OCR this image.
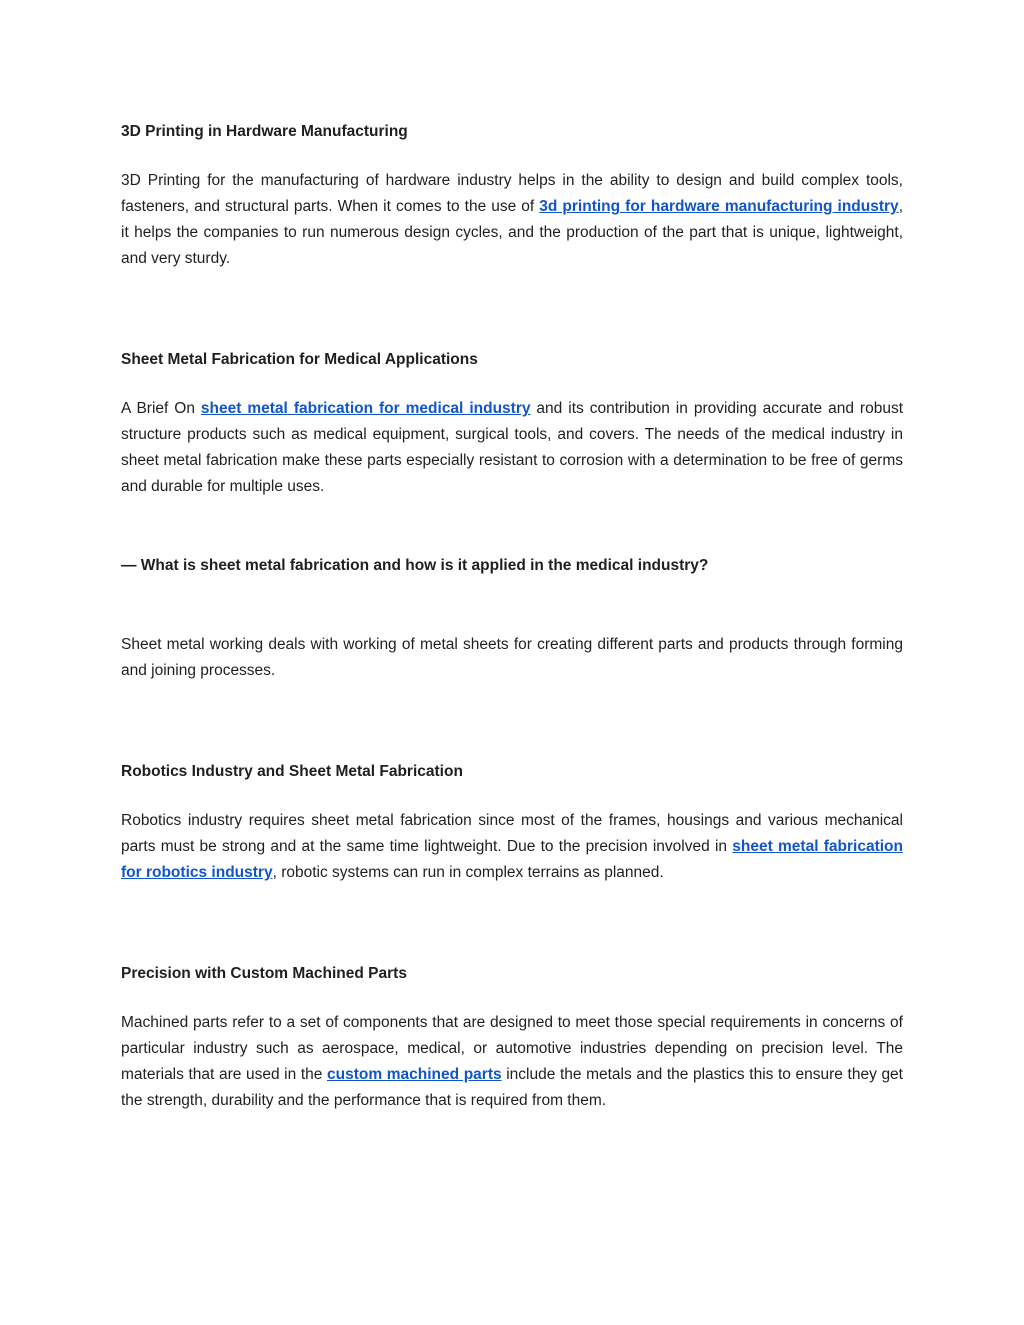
3D Printing in Hardware Manufacturing

3D Printing for the manufacturing of hardware industry helps in the ability to design and build complex tools, fasteners, and structural parts. When it comes to the use of 3d printing for hardware manufacturing industry, it helps the companies to run numerous design cycles, and the production of the part that is unique, lightweight, and very sturdy.

Sheet Metal Fabrication for Medical Applications

A Brief On sheet metal fabrication for medical industry and its contribution in providing accurate and robust structure products such as medical equipment, surgical tools, and covers. The needs of the medical industry in sheet metal fabrication make these parts especially resistant to corrosion with a determination to be free of germs and durable for multiple uses.

— What is sheet metal fabrication and how is it applied in the medical industry?

Sheet metal working deals with working of metal sheets for creating different parts and products through forming and joining processes.

Robotics Industry and Sheet Metal Fabrication

Robotics industry requires sheet metal fabrication since most of the frames, housings and various mechanical parts must be strong and at the same time lightweight. Due to the precision involved in sheet metal fabrication for robotics industry, robotic systems can run in complex terrains as planned.

Precision with Custom Machined Parts

Machined parts refer to a set of components that are designed to meet those special requirements in concerns of particular industry such as aerospace, medical, or automotive industries depending on precision level. The materials that are used in the custom machined parts include the metals and the plastics this to ensure they get the strength, durability and the performance that is required from them.
